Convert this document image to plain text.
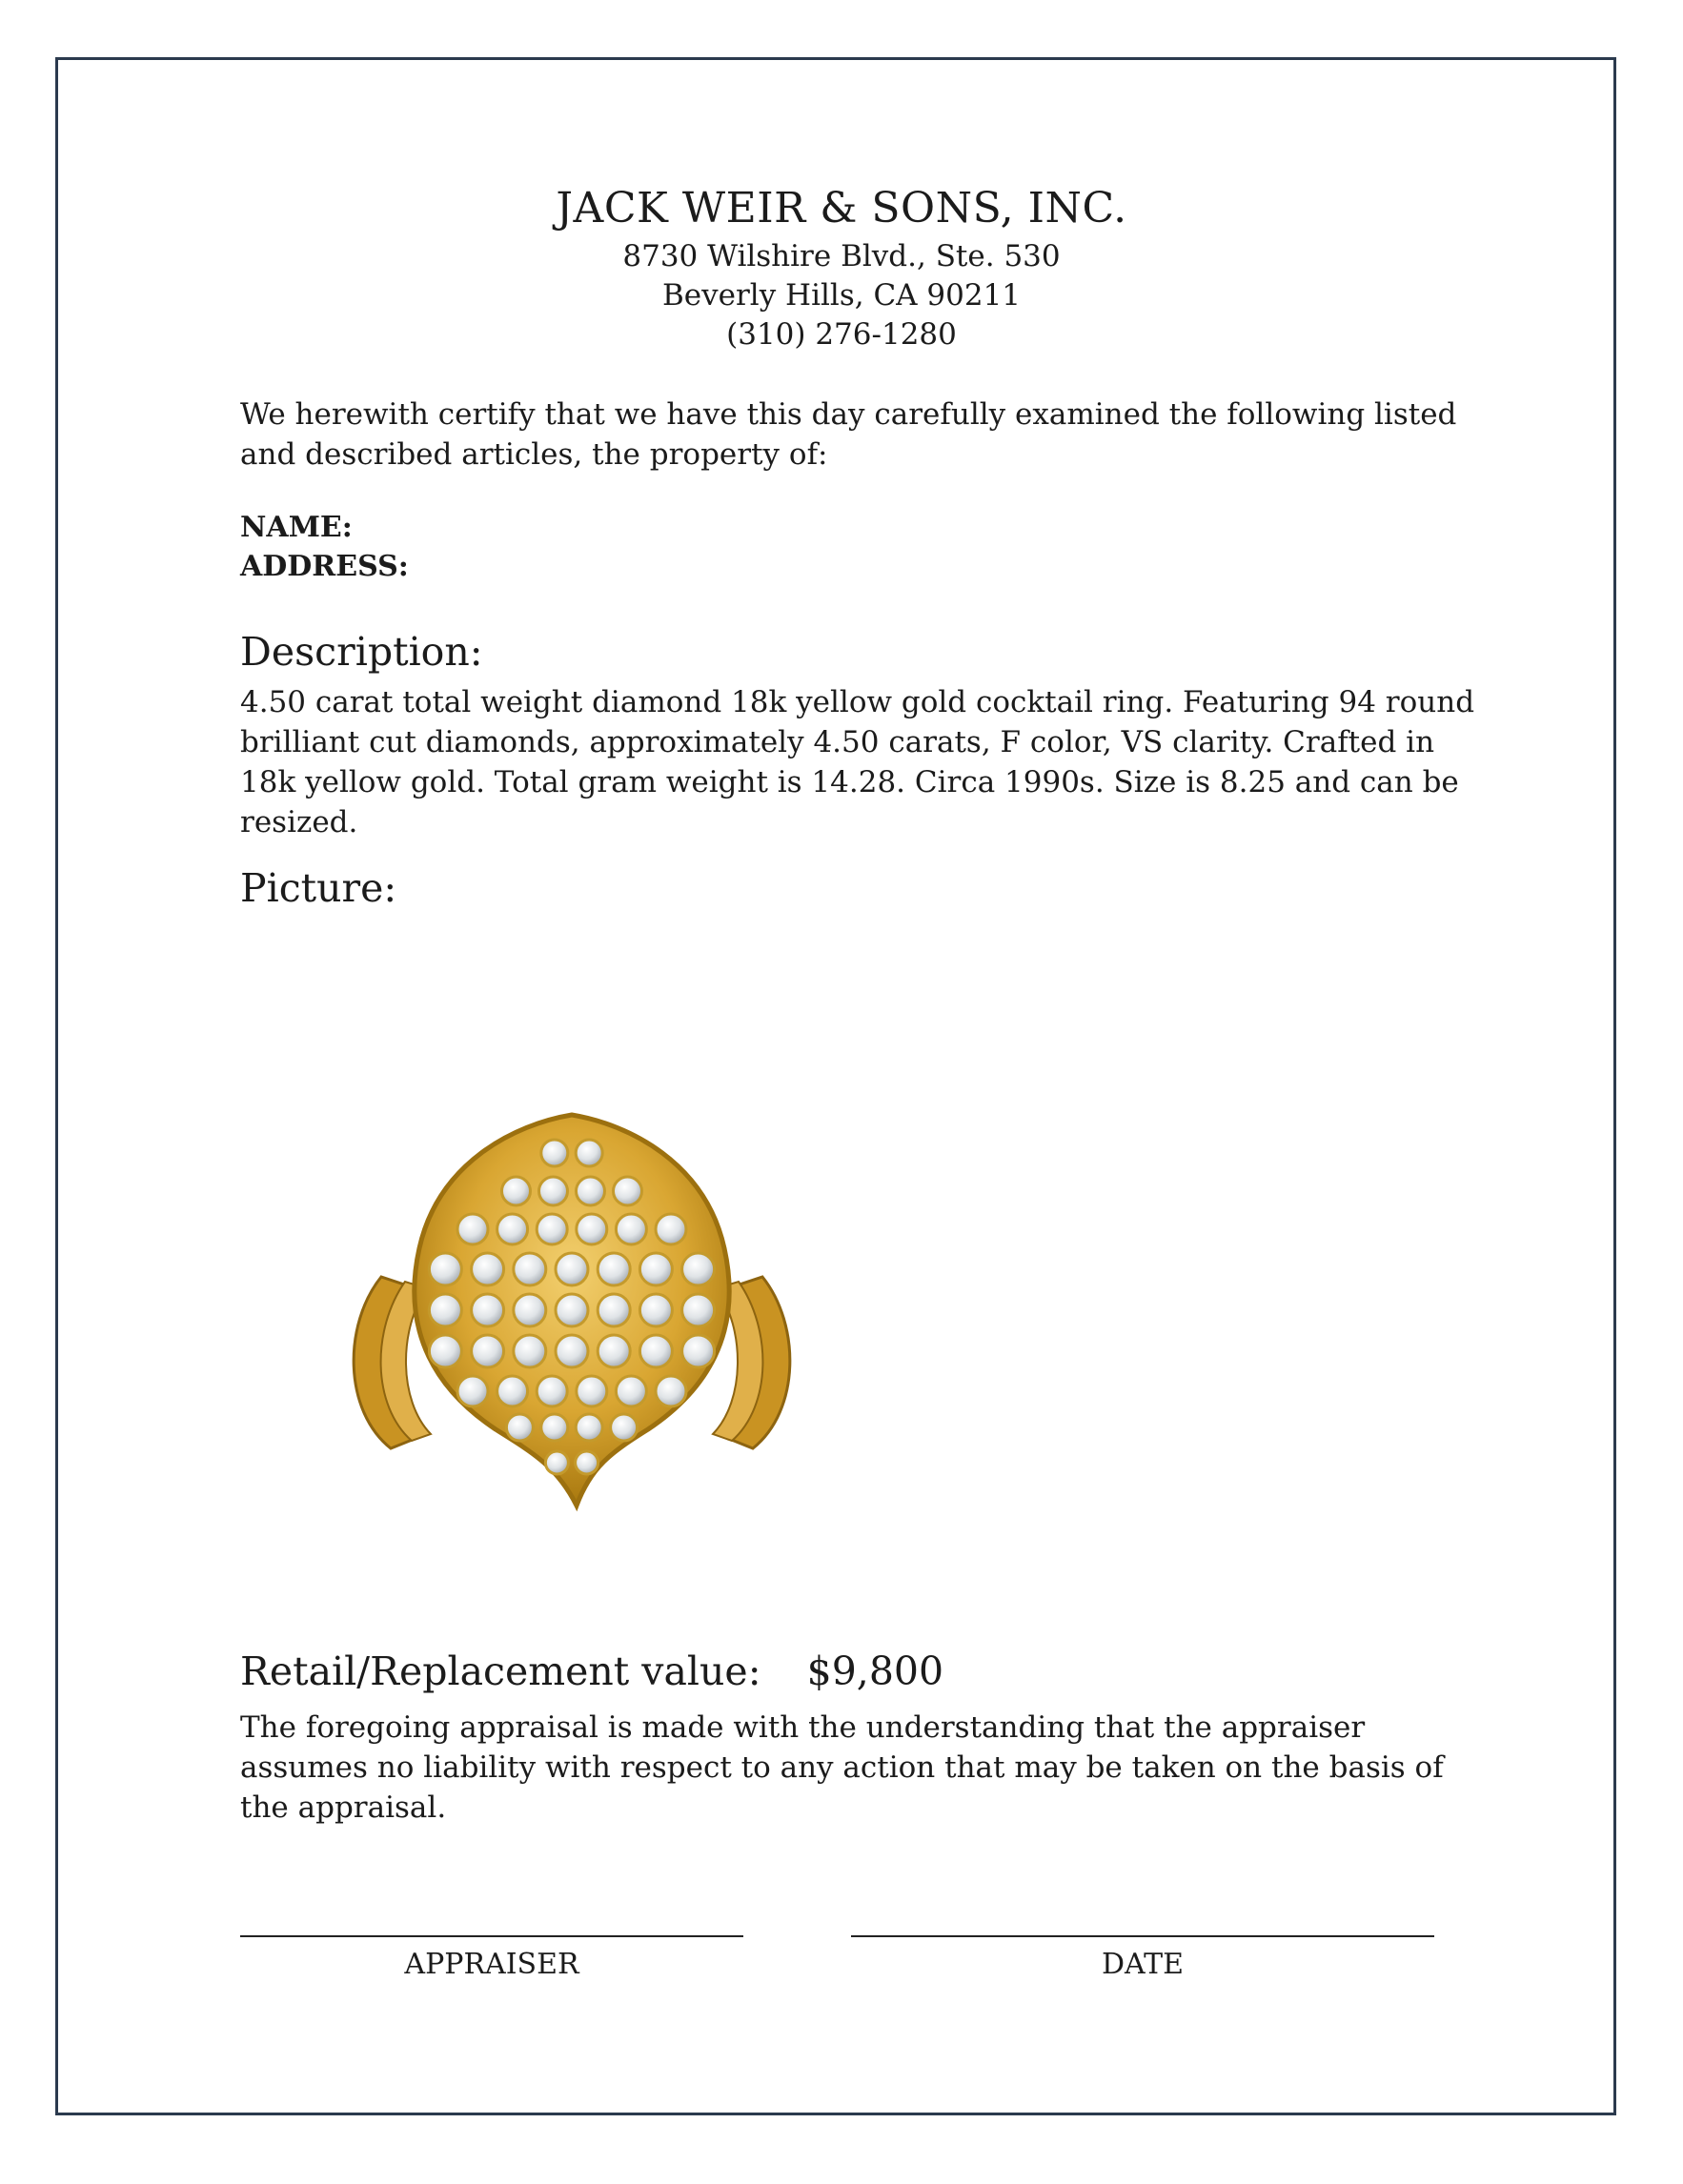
JACK WEIR & SONS, INC.
8730 Wilshire Blvd., Ste. 530
Beverly Hills, CA 90211
(310) 276-1280
We herewith certify that we have this day carefully examined the following listed and described articles, the property of:
NAME:
ADDRESS:
Description:
4.50 carat total weight diamond 18k yellow gold cocktail ring. Featuring 94 round brilliant cut diamonds, approximately 4.50 carats, F color, VS clarity. Crafted in 18k yellow gold. Total gram weight is 14.28. Circa 1990s. Size is 8.25 and can be resized.
Picture:
Retail/Replacement value: $9,800
The foregoing appraisal is made with the understanding that the appraiser assumes no liability with respect to any action that may be taken on the basis of the appraisal.
APPRAISER	DATE
